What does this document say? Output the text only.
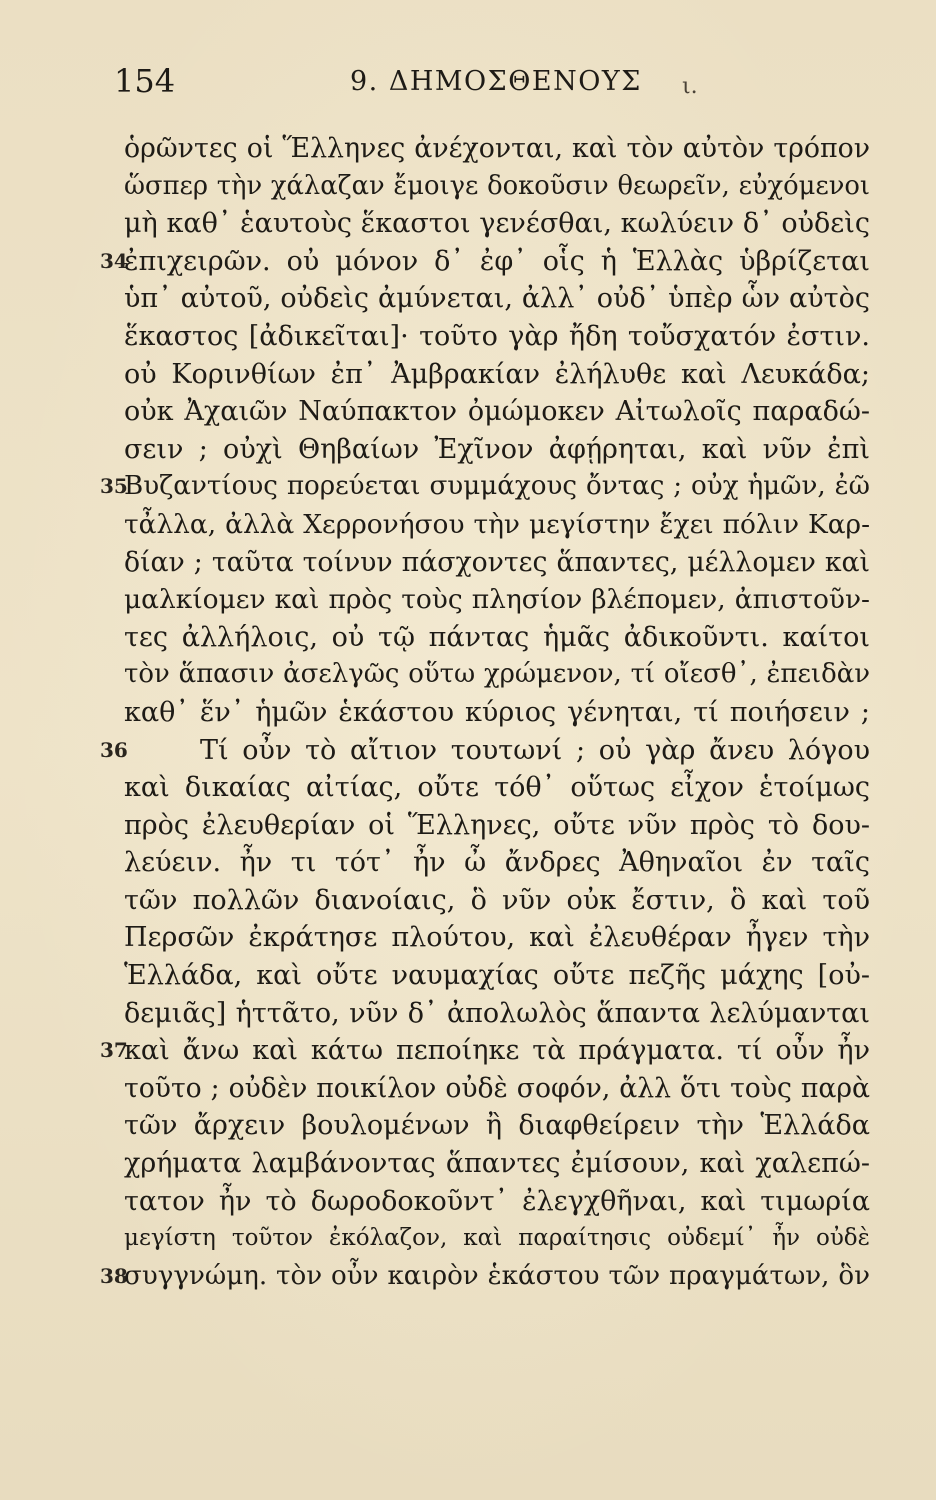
154	9. ΔΗΜΟΣΘΕΝΟΥΣ ι.
ὁρῶντες οἱ Ἕλληνες ἀνέχονται, καὶ τὸν αὐτὸν τρόπον
ὥσπερ τὴν χάλαζαν ἔμοιγε δοκοῦσιν θεωρεῖν, εὐχόμενοι
μὴ καθ᾽ ἑαυτοὺς ἕκαστοι γενέσθαι, κωλύειν δ᾽ οὐδεὶς
34
ἐπιχειρῶν. οὐ μόνον δ᾽ ἐφ᾽ οἷς ἡ Ἑλλὰς ὑβρίζεται
ὑπ᾽ αὐτοῦ, οὐδεὶς ἀμύνεται, ἀλλ᾽ οὐδ᾽ ὑπὲρ ὧν αὐτὸς
ἕκαστος [ἀδικεῖται]· τοῦτο γὰρ ἤδη τοὔσχατόν ἐστιν.
οὐ Κορινθίων ἐπ᾽ Ἀμβρακίαν ἐλήλυθε καὶ Λευκάδα;
οὐκ Ἀχαιῶν Ναύπακτον ὀμώμοκεν Αἰτωλοῖς παραδώ-
σειν ; οὐχὶ Θηβαίων Ἐχῖνον ἀφῄρηται, καὶ νῦν ἐπὶ
35
Βυζαντίους πορεύεται συμμάχους ὄντας ; οὐχ ἡμῶν, ἐῶ
τἆλλα, ἀλλὰ Χερρονήσου τὴν μεγίστην ἔχει πόλιν Καρ-
δίαν ; ταῦτα τοίνυν πάσχοντες ἅπαντες, μέλλομεν καὶ
μαλκίομεν καὶ πρὸς τοὺς πλησίον βλέπομεν, ἀπιστοῦν-
τες ἀλλήλοις, οὐ τῷ πάντας ἡμᾶς ἀδικοῦντι. καίτοι
τὸν ἅπασιν ἀσελγῶς οὕτω χρώμενον, τί οἴεσθ᾽, ἐπειδὰν
καθ᾽ ἕν᾽ ἡμῶν ἑκάστου κύριος γένηται, τί ποιήσειν ;
36	Τί οὖν τὸ αἴτιον τουτωνί ; οὐ γὰρ ἄνευ λόγου
καὶ δικαίας αἰτίας, οὔτε τόθ᾽ οὕτως εἶχον ἑτοίμως
πρὸς ἐλευθερίαν οἱ Ἕλληνες, οὔτε νῦν πρὸς τὸ δου-
λεύειν. ἦν τι τότ᾽ ἦν ὦ ἄνδρες Ἀθηναῖοι ἐν ταῖς
τῶν πολλῶν διανοίαις, ὃ νῦν οὐκ ἔστιν, ὃ καὶ τοῦ
Περσῶν ἐκράτησε πλούτου, καὶ ἐλευθέραν ἦγεν τὴν
Ἑλλάδα, καὶ οὔτε ναυμαχίας οὔτε πεζῆς μάχης [οὐ-
δεμιᾶς] ἡττᾶτο, νῦν δ᾽ ἀπολωλὸς ἅπαντα λελύμανται
37
καὶ ἄνω καὶ κάτω πεποίηκε τὰ πράγματα. τί οὖν ἦν
τοῦτο ; οὐδὲν ποικίλον οὐδὲ σοφόν, ἀλλ ὅτι τοὺς παρὰ
τῶν ἄρχειν βουλομένων ἢ διαφθείρειν τὴν Ἑλλάδα
χρήματα λαμβάνοντας ἅπαντες ἐμίσουν, καὶ χαλεπώ-
τατον ἦν τὸ δωροδοκοῦντ᾽ ἐλεγχθῆναι, καὶ τιμωρία
μεγίστη τοῦτον ἐκόλαζον, καὶ παραίτησις οὐδεμί᾽ ἦν οὐδὲ
38
συγγνώμη. τὸν οὖν καιρὸν ἑκάστου τῶν πραγμάτων, ὃν
